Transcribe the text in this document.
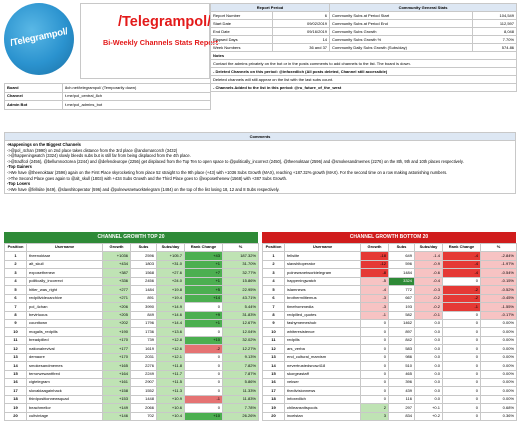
/Telegrampol/
/Telegrampol/
Bi-Weekly Channels Stats Report
Report Period		Community General Stats	
Report Number	6	Community Subs at Period Start	104,549
Start Date	09/02/2019	Community Subs at Period End	112,597
End Date	09/16/2019	Community Subs Growth	8,048
Elapsed Days	14	Community Subs Growth %	7.70%
Week Numbers	36 and 37	Community Daily Subs Growth (Subs/day)	574.86
Notes			
Contact the admins privately on the bot or in the posts comments to add channels to the list. The board is down.			
- Deleted Channels on this period: @infoxedlich (All posts deleted, Channel still accessible)			
Deleted channels will still appear on the list with the last subs count.			
- Channels Added to the list in this period: @ru_future_of_the_west			
Board	8ch.net/telegrampol/ (Temporarily down)
Channel	t.me/pol_central_8ch
Admin Bot	t.me/pol_admins_bot
Comments
-Happenings on the Biggest Channels
->@pol_4chan (3990) on 2nd place takes distance from the 3rd place @andomarcorch (3432)
->@happeningwatch (3324) slowly bleeds subs but is still far from being displaced from the 4th place.
->@tradfcol (2456), @bellumnoctorea (2244) and @defendeurope (2256) get displaced from the Top Ten to open space to @politically_incorrect (2450), @theenoktaar (2596) and @smokesandmemes (2276) on the 8th, 9th and 10th places respectively.
-Top Gainers
->We have @theenoktaar (2596) again on the First Place skyrocketing from place 52 straight to the 9th place (+43) with +1036 Subs Growth (MAX), reaching +187.32% growth (MAX). For the second time on a row making astonishing numbers.
->The Second Place goes again to @alt_skull (1803) with +434 Subs Growth and the Third Place goes to @exposethenew (1568) with +387 Subs Growth.
-Top Losers
->We have @fellsiite (649), @slavshitoperator (596) and @polnewsnetworktelegram (1484) on the top of the list losing 18, 12 and 8 Subs respectively.
CHANNEL GROWTH TOP 20
Position	Username	Growth	Subs	Subs/day	Rank Change	%
1	theenoktaar	+1036	2596	+105.7	+43	187.32%
2	alt_skull	+434	1803	+31.0	+1	31.70%
3	exposethenew	+387	1568	+27.6	+7	32.77%
4	politically_incorrect	+336	2456	+24.0	+1	15.86%
5	hitler_was_right	+277	1484	+19.8	+5	22.95%
6	redpillvideoarchive	+271	891	+19.4	+14	43.71%
7	pol_4chan	+206	3990	+14.9	0	5.44%
8	bevirtuous	+205	849	+14.6	+9	31.83%
9	counttown	+202	1796	+14.4	+1	12.67%
10	mogalis_redpills	+190	1736	+13.6	0	12.04%
11	breadpilled	+170	739	+12.8	+10	32.02%
12	nationalrevival	+177	1619	+12.6	-2	12.27%
13	demaore	+170	2031	+12.1	0	9.13%
14	smokesandmemes	+165	2276	+11.8	0	7.82%
15	terrorwewantfired	+164	2249	+11.7	0	7.87%
16	cigtelegram	+161	2907	+11.5	0	5.86%
17	slovakiaagainhack	+158	1552	+11.3	0	11.33%
18	thirdpositionnewsquad	+153	1448	+10.9	-1	11.83%
19	beachmelior	+149	2066	+10.6	0	7.78%
20	cultvintage	+146	702	+10.4	+10	26.26%
CHANNEL GROWTH BOTTOM 20
Position	Username	Growth	Subs	Subs/day	Rank Change	%
1	fellsiite	-18	649	-1.4	-4	-2.84%
2	slavshitoperator	-12	596	-0.9	-4	-1.97%
3	polnewsnetworktelegram	-8	1484	-0.6	-4	-0.54%
4	happeningwatch	-5	3324	-0.4	0	-0.15%
5	islamnews	-4	772	-0.3	-2	-0.52%
6	brothermilitemus	-3	667	-0.2	-2	-0.45%
7	timefrommedia	-3	193	-0.2	-1	-1.55%
8	redpilled_quotes	-1	582	-0.1	0	-0.17%
9	fashymemeshub	0	1462	0.0	0	0.00%
10	whiteresistence	0	897	0.0	0	0.00%
11	redpills	0	842	0.0	0	0.00%
12	ars_verba	0	583	0.0	0	0.00%
13	end_cultural_marxism	0	986	0.0	0	0.00%
14	nevertrustedsnow418	0	510	0.0	0	0.00%
15	skorgeastaff	0	465	0.0	0	0.00%
16	vekser	0	396	0.0	0	0.00%
17	thedivisionnews	0	439	0.0	0	0.00%
18	infoxedlich	0	116	0.0	0	0.00%
19	chileansnitspools	2	297	+0.1	0	0.68%
20	incelstan	3	834	+0.2	0	0.36%
